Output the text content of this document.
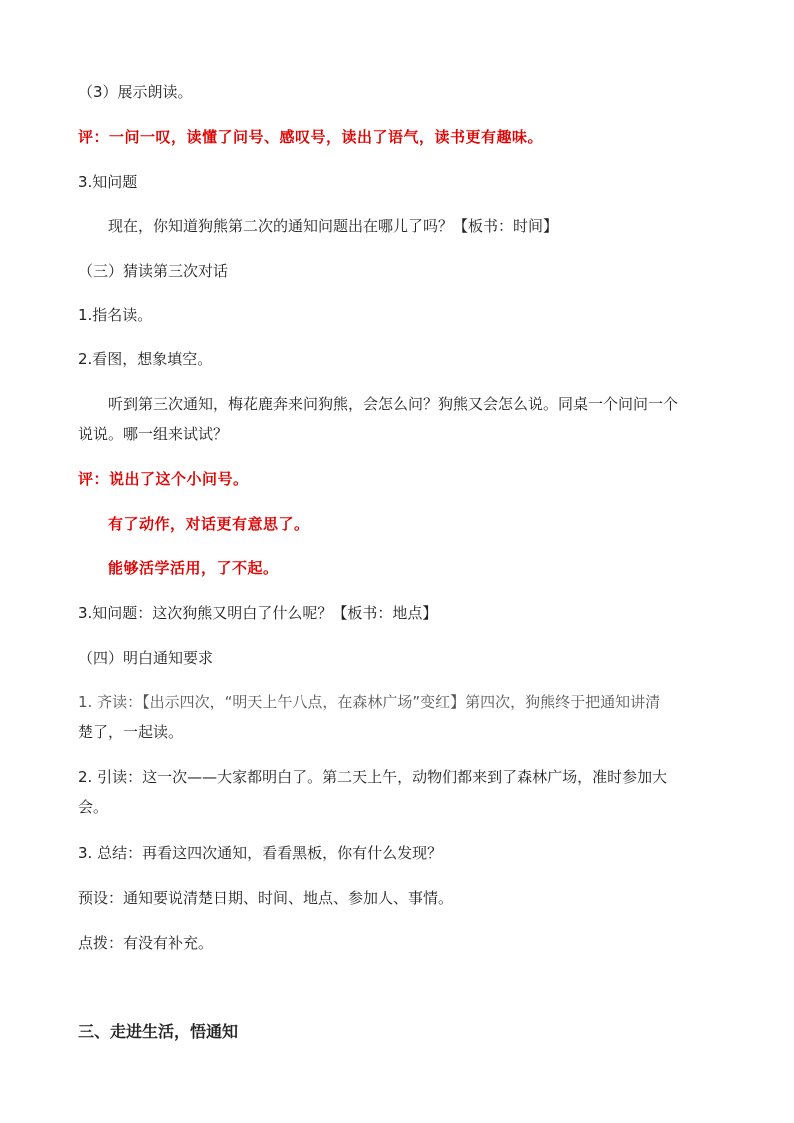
（3）展示朗读。
评：一问一叹，读懂了问号、感叹号，读出了语气，读书更有趣味。
3.知问题
现在，你知道狗熊第二次的通知问题出在哪儿了吗？【板书：时间】
（三）猜读第三次对话
1.指名读。
2.看图，想象填空。
听到第三次通知，梅花鹿奔来问狗熊，会怎么问？狗熊又会怎么说。同桌一个问问一个
说说。哪一组来试试？
评：说出了这个小问号。
有了动作，对话更有意思了。
能够活学活用，了不起。
3.知问题：这次狗熊又明白了什么呢？【板书：地点】
（四）明白通知要求
1. 齐读：【出示四次，“明天上午八点，在森林广场”变红】第四次，狗熊终于把通知讲清
楚了，一起读。
2. 引读：这一次——大家都明白了。第二天上午，动物们都来到了森林广场，准时参加大
会。
3. 总结：再看这四次通知，看看黑板，你有什么发现？
预设：通知要说清楚日期、时间、地点、参加人、事情。
点拨：有没有补充。
三、走进生活，悟通知
